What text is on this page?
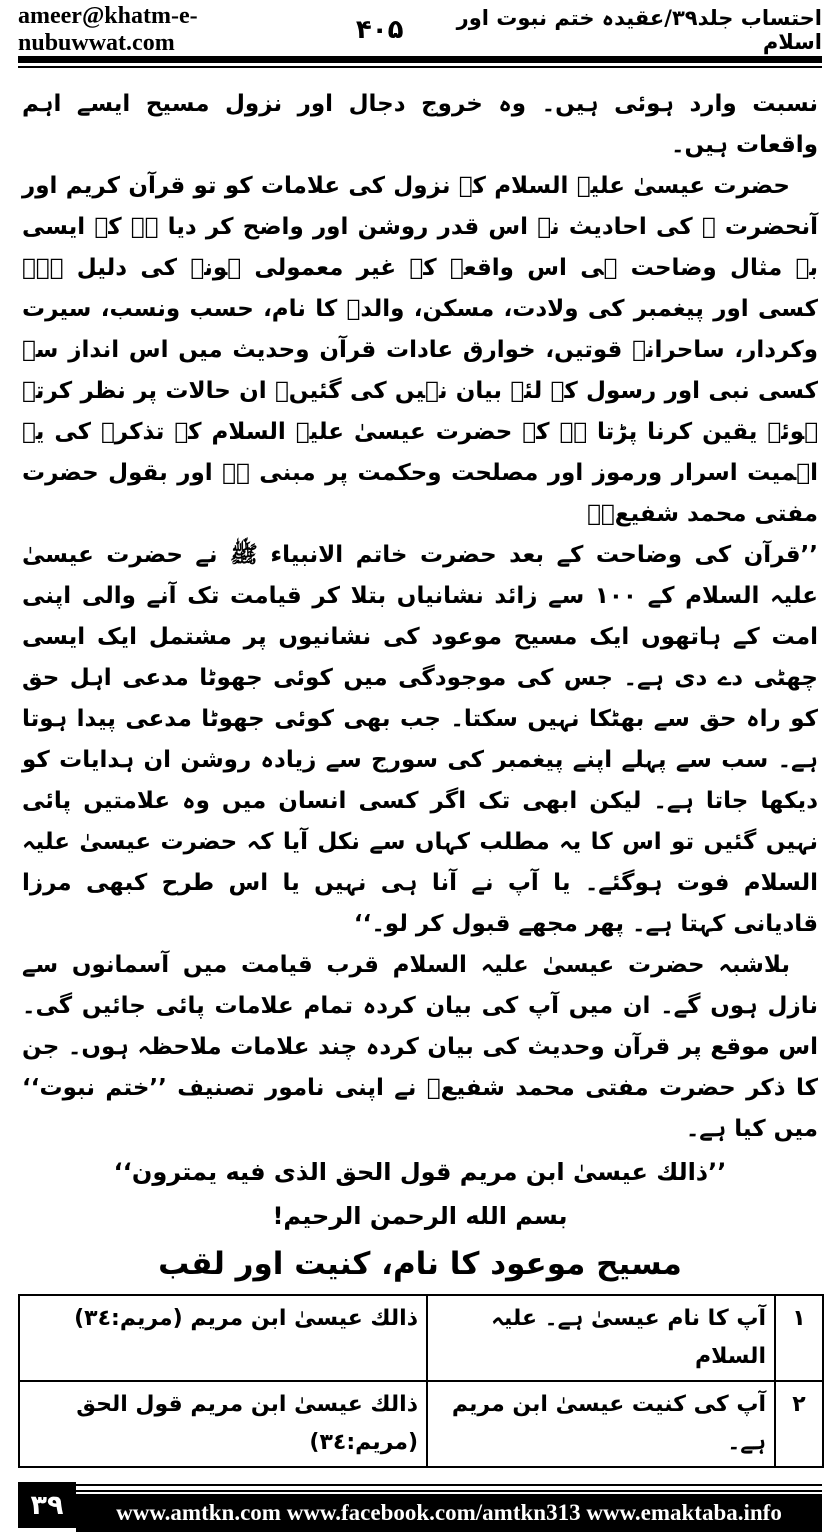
ameer@khatm-e-nubuwwat.com	۴۰۵	احتساب جلد۳۹/عقیدہ ختم نبوت اور اسلام

نسبت وارد ہوئی ہیں۔ وہ خروج دجال اور نزول مسیح ایسے اہم واقعات ہیں۔

حضرت عیسیٰ علیہ السلام کے نزول کی علامات کو تو قرآن کریم اور آنحضرت ﷺ کی احادیث نے اس قدر روشن اور واضح کر دیا ہے کہ ایسی بے مثال وضاحت ہی اس واقعہ کے غیر معمولی ہونے کی دلیل ہے۔ کسی اور پیغمبر کی ولادت، مسکن، والدہ کا نام، حسب ونسب، سیرت وکردار، ساحرانہ قوتیں، خوارق عادات قرآن وحدیث میں اس انداز سے کسی نبی اور رسول کے لئے بیان نہیں کی گئیں۔ ان حالات پر نظر کرتے ہوئے یقین کرنا پڑتا ہے کہ حضرت عیسیٰ علیہ السلام کے تذکرہ کی یہ اہمیت اسرار ورموز اور مصلحت وحکمت پر مبنی ہے اور بقول حضرت مفتی محمد شفیعؒ۔

’’قرآن کی وضاحت کے بعد حضرت خاتم الانبیاء ﷺ نے حضرت عیسیٰ علیہ السلام کے ۱۰۰ سے زائد نشانیاں بتلا کر قیامت تک آنے والی اپنی امت کے ہاتھوں ایک مسیح موعود کی نشانیوں پر مشتمل ایک ایسی چھٹی دے دی ہے۔ جس کی موجودگی میں کوئی جھوٹا مدعی اہل حق کو راہ حق سے بھٹکا نہیں سکتا۔ جب بھی کوئی جھوٹا مدعی پیدا ہوتا ہے۔ سب سے پہلے اپنے پیغمبر کی سورج سے زیادہ روشن ان ہدایات کو دیکھا جاتا ہے۔ لیکن ابھی تک اگر کسی انسان میں وہ علامتیں پائی نہیں گئیں تو اس کا یہ مطلب کہاں سے نکل آیا کہ حضرت عیسیٰ علیہ السلام فوت ہوگئے۔ یا آپ نے آنا ہی نہیں یا اس طرح کبھی مرزا قادیانی کہتا ہے۔ پھر مجھے قبول کر لو۔‘‘

بلاشبہ حضرت عیسیٰ علیہ السلام قرب قیامت میں آسمانوں سے نازل ہوں گے۔ ان میں آپ کی بیان کردہ تمام علامات پائی جائیں گی۔ اس موقع پر قرآن وحدیث کی بیان کردہ چند علامات ملاحظہ ہوں۔ جن کا ذکر حضرت مفتی محمد شفیعؒ نے اپنی نامور تصنیف ’’ختم نبوت‘‘ میں کیا ہے۔

’’ذالك عيسىٰ ابن مريم قول الحق الذى فيه يمترون‘‘

بسم الله الرحمن الرحيم!

مسیح موعود کا نام، کنیت اور لقب

۱	آپ کا نام عیسیٰ ہے۔ علیہ السلام	ذالك عيسىٰ ابن مريم (مريم:٣٤)
۲	آپ کی کنیت عیسیٰ ابن مریم ہے۔	ذالك عيسىٰ ابن مريم قول الحق (مريم:٣٤)
۳۹	www.amtkn.com www.facebook.com/amtkn313 www.emaktaba.info
